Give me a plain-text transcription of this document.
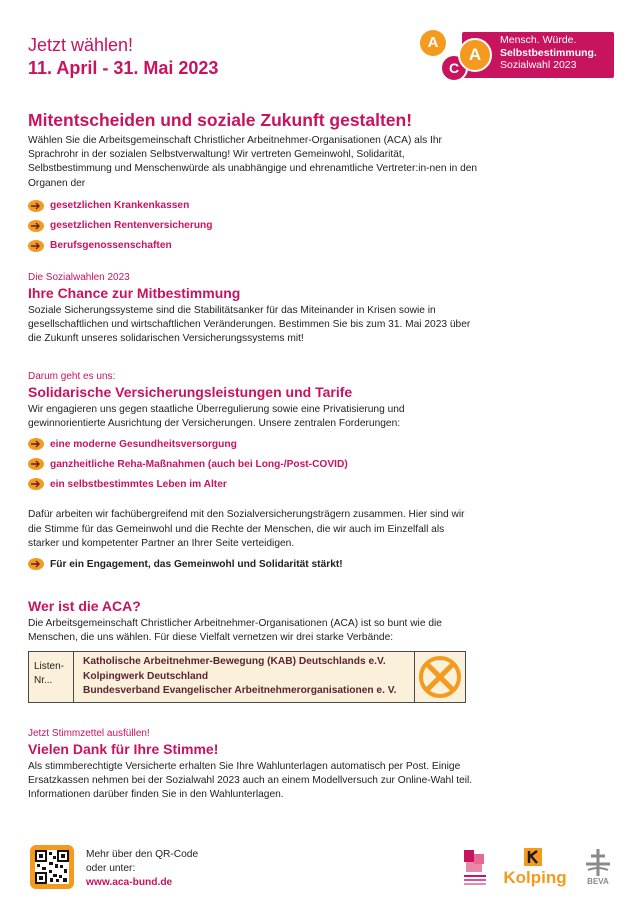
Jetzt wählen!
11. April - 31. Mai 2023
A
C
A
Mensch. Würde.
Selbstbestimmung.
Sozialwahl 2023
Mitentscheiden und soziale Zukunft gestalten!

Wählen Sie die Arbeitsgemeinschaft Christlicher Arbeitnehmer-Organisationen (ACA) als Ihr Sprachrohr in der sozialen Selbstverwaltung! Wir vertreten Gemeinwohl, Solidarität, Selbstbestimmung und Menschenwürde als unabhängige und ehrenamtliche Vertreter:in-nen in den Organen der

gesetzlichen Krankenkassen
gesetzlichen Rentenversicherung
Berufsgenossenschaften
Die Sozialwahlen 2023
Ihre Chance zur Mitbestimmung

Soziale Sicherungssysteme sind die Stabilitätsanker für das Miteinander in Krisen sowie in gesellschaftlichen und wirtschaftlichen Veränderungen. Bestimmen Sie bis zum 31. Mai 2023 über die Zukunft unseres solidarischen Versicherungssystems mit!

Darum geht es uns:
Solidarische Versicherungsleistungen und Tarife

Wir engagieren uns gegen staatliche Überregulierung sowie eine Privatisierung und gewinnorientierte Ausrichtung der Versicherungen. Unsere zentralen Forderungen:

eine moderne Gesundheitsversorgung
ganzheitliche Reha-Maßnahmen (auch bei Long-/Post-COVID)
ein selbstbestimmtes Leben im Alter

Dafür arbeiten wir fachübergreifend mit den Sozialversicherungsträgern zusammen. Hier sind wir die Stimme für das Gemeinwohl und die Rechte der Menschen, die wir auch im Einzelfall als starker und kompetenter Partner an Ihrer Seite verteidigen.

Für ein Engagement, das Gemeinwohl und Solidarität stärkt!
Wer ist die ACA?

Die Arbeitsgemeinschaft Christlicher Arbeitnehmer-Organisationen (ACA) ist so bunt wie die Menschen, die uns wählen. Für diese Vielfalt vernetzen wir drei starke Verbände:

Listen-Nr...
Katholische Arbeitnehmer-Bewegung (KAB) Deutschlands e.V.
Kolpingwerk Deutschland
Bundesverband Evangelischer Arbeitnehmerorganisationen e. V.
Jetzt Stimmzettel ausfüllen!
Vielen Dank für Ihre Stimme!

Als stimmberechtigte Versicherte erhalten Sie Ihre Wahlunterlagen automatisch per Post. Einige Ersatzkassen nehmen bei der Sozialwahl 2023 auch an einem Modellversuch zur Online-Wahl teil. Informationen darüber finden Sie in den Wahlunterlagen.

Mehr über den QR-Code
oder unter:
www.aca-bund.de	Kolping	BEVA
